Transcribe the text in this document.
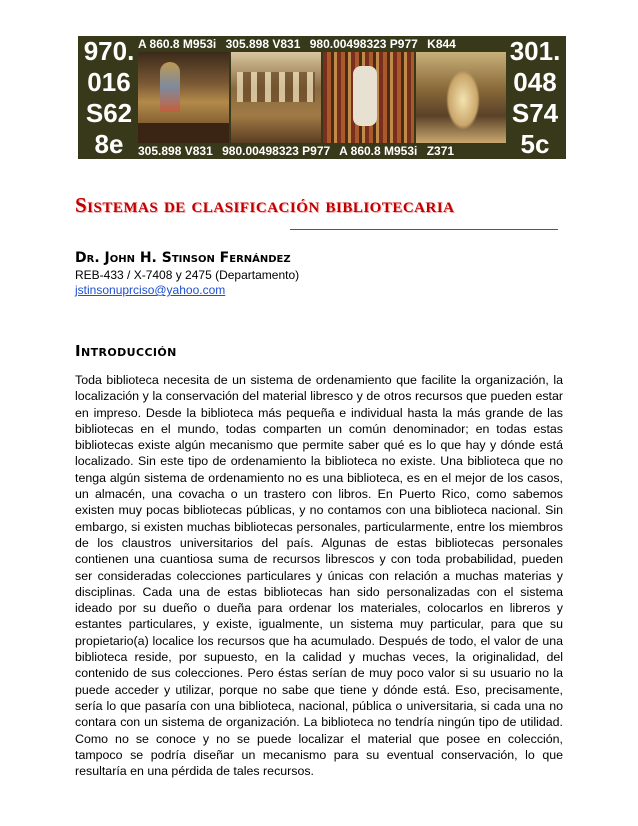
970.
016
S62
8e
A 860.8 M953i 305.898 V831 980.00498323 P977 K844
305.898 V831 980.00498323 P977 A 860.8 M953i Z371
301.
048
S74
5c
Sistemas de clasificación bibliotecaria
Dr. John H. Stinson Fernández
REB-433 / X-7408 y 2475 (Departamento)
jstinsonuprciso@yahoo.com
Introducción

Toda biblioteca necesita de un sistema de ordenamiento que facilite la organización, la localización y la conservación del material libresco y de otros recursos que pueden estar en impreso. Desde la biblioteca más pequeña e individual hasta la más grande de las bibliotecas en el mundo, todas comparten un común denominador; en todas estas bibliotecas existe algún mecanismo que permite saber qué es lo que hay y dónde está localizado. Sin este tipo de ordenamiento la biblioteca no existe. Una biblioteca que no tenga algún sistema de ordenamiento no es una biblioteca, es en el mejor de los casos, un almacén, una covacha o un trastero con libros. En Puerto Rico, como sabemos existen muy pocas bibliotecas públicas, y no contamos con una biblioteca nacional. Sin embargo, si existen muchas bibliotecas personales, particularmente, entre los miembros de los claustros universitarios del país. Algunas de estas bibliotecas personales contienen una cuantiosa suma de recursos librescos y con toda probabilidad, pueden ser consideradas colecciones particulares y únicas con relación a muchas materias y disciplinas. Cada una de estas bibliotecas han sido personalizadas con el sistema ideado por su dueño o dueña para ordenar los materiales, colocarlos en libreros y estantes particulares, y existe, igualmente, un sistema muy particular, para que su propietario(a) localice los recursos que ha acumulado. Después de todo, el valor de una biblioteca reside, por supuesto, en la calidad y muchas veces, la originalidad, del contenido de sus colecciones. Pero éstas serían de muy poco valor si su usuario no la puede acceder y utilizar, porque no sabe que tiene y dónde está. Eso, precisamente, sería lo que pasaría con una biblioteca, nacional, pública o universitaria, si cada una no contara con un sistema de organización. La biblioteca no tendría ningún tipo de utilidad. Como no se conoce y no se puede localizar el material que posee en colección, tampoco se podría diseñar un mecanismo para su eventual conservación, lo que resultaría en una pérdida de tales recursos.
